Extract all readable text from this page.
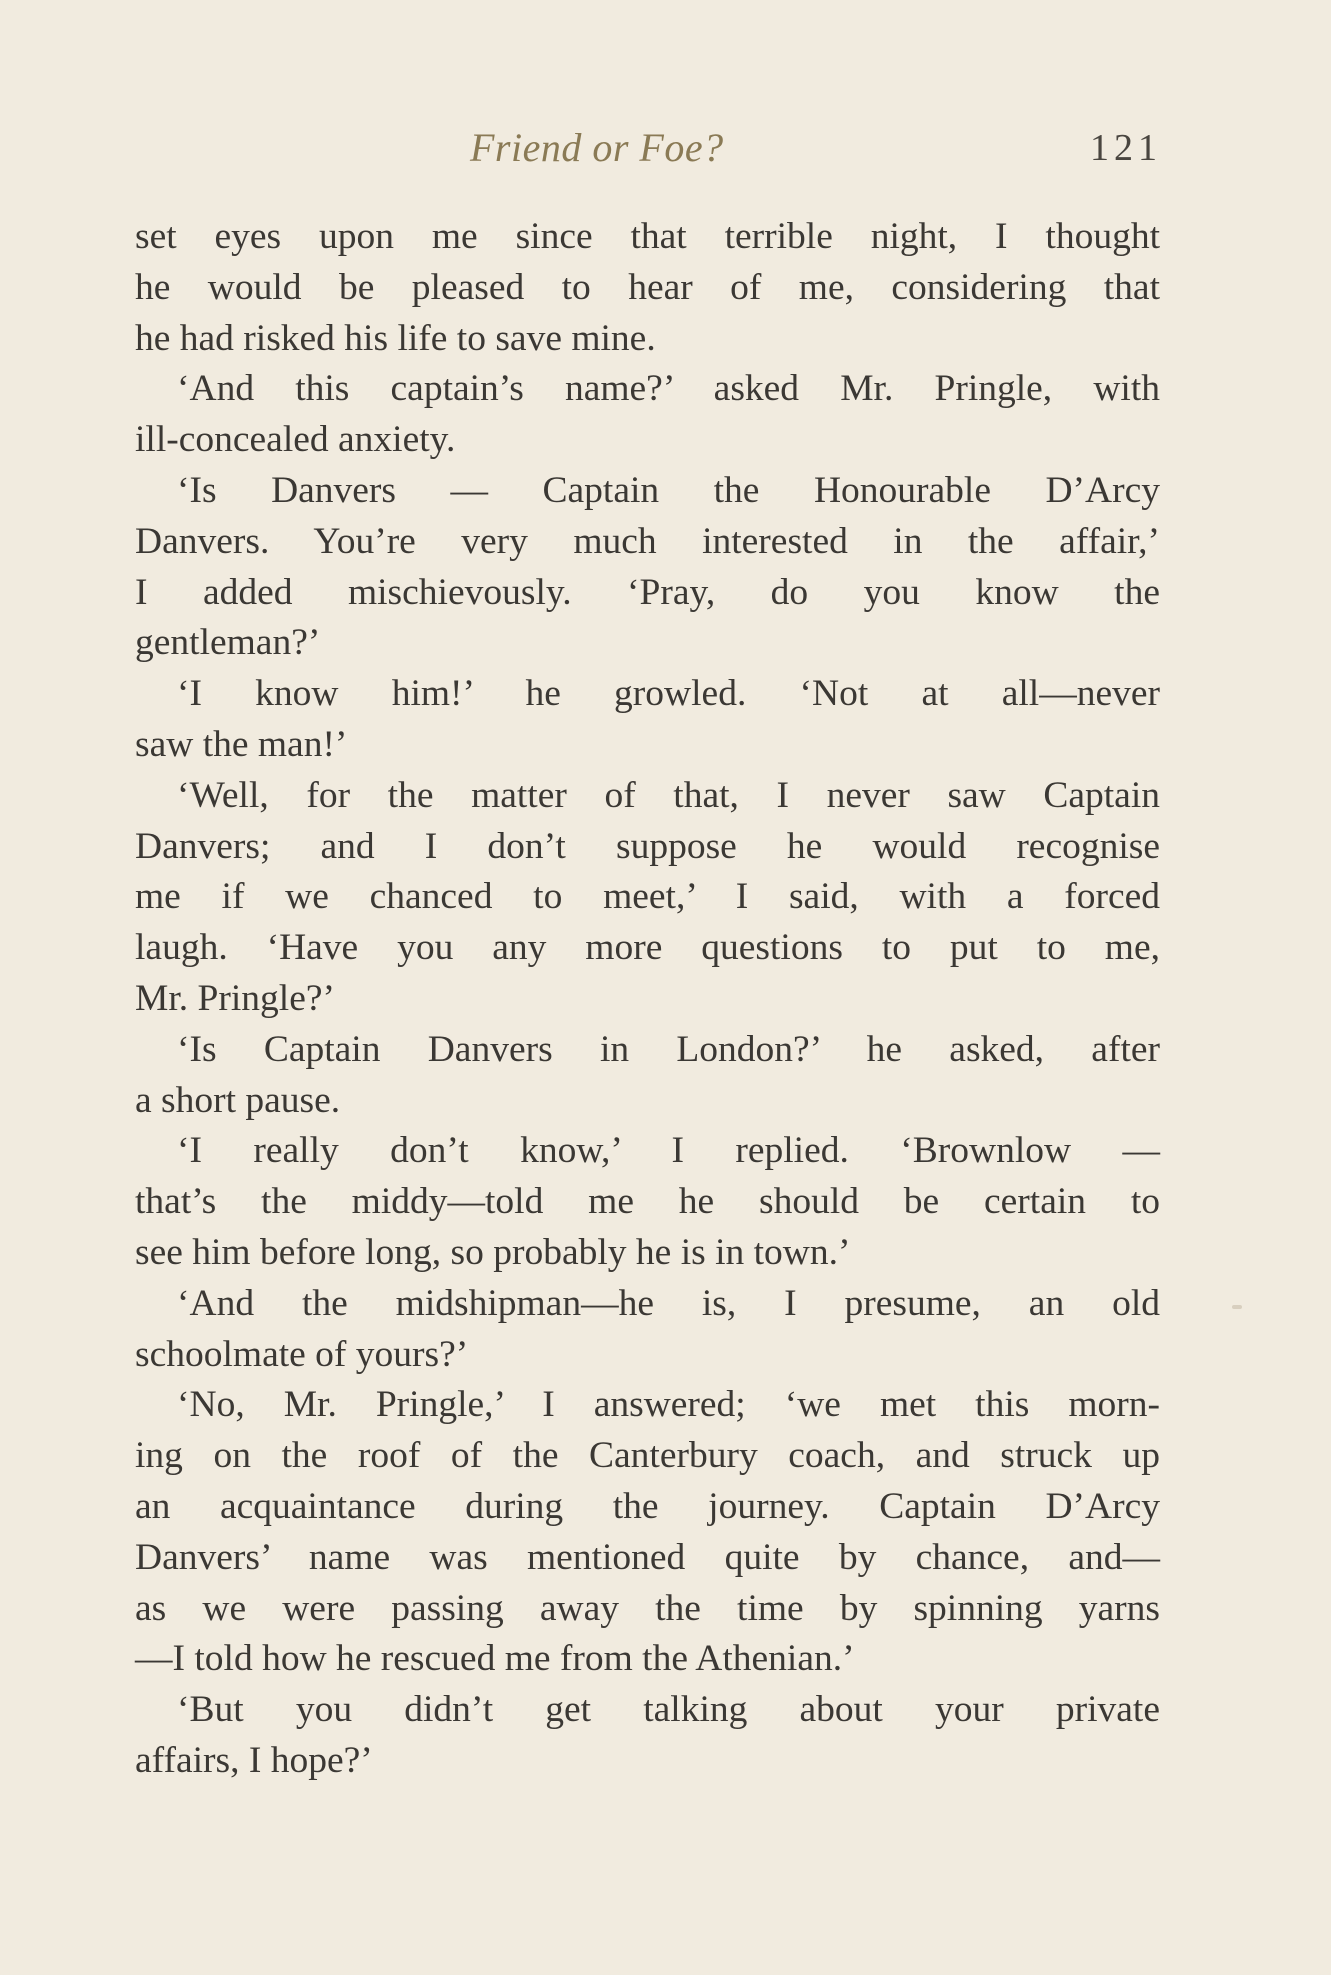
Friend or Foe?	121
set eyes upon me since that terrible night, I thought
he would be pleased to hear of me, considering that
he had risked his life to save mine.
‘And this captain’s name?’ asked Mr. Pringle, with
ill-concealed anxiety.
‘Is Danvers — Captain the Honourable D’Arcy
Danvers. You’re very much interested in the affair,’
I added mischievously. ‘Pray, do you know the
gentleman?’
‘I know him!’ he growled. ‘Not at all—never
saw the man!’
‘Well, for the matter of that, I never saw Captain
Danvers; and I don’t suppose he would recognise
me if we chanced to meet,’ I said, with a forced
laugh. ‘Have you any more questions to put to me,
Mr. Pringle?’
‘Is Captain Danvers in London?’ he asked, after
a short pause.
‘I really don’t know,’ I replied. ‘Brownlow —
that’s the middy—told me he should be certain to
see him before long, so probably he is in town.’
‘And the midshipman—he is, I presume, an old
schoolmate of yours?’
‘No, Mr. Pringle,’ I answered; ‘we met this morn-
ing on the roof of the Canterbury coach, and struck up
an acquaintance during the journey. Captain D’Arcy
Danvers’ name was mentioned quite by chance, and—
as we were passing away the time by spinning yarns
—I told how he rescued me from the Athenian.’
‘But you didn’t get talking about your private
affairs, I hope?’
